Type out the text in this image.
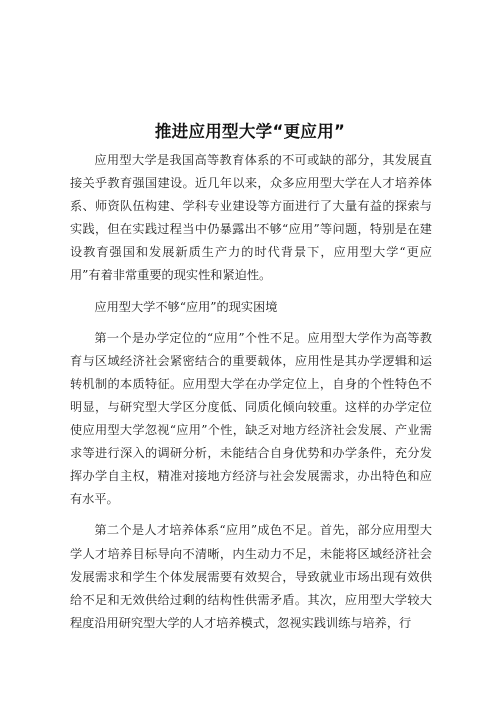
推进应用型大学“更应用”

应用型大学是我国高等教育体系的不可或缺的部分，其发展直接关乎教育强国建设。近几年以来，众多应用型大学在人才培养体系、师资队伍构建、学科专业建设等方面进行了大量有益的探索与实践，但在实践过程当中仍暴露出不够“应用”等问题，特别是在建设教育强国和发展新质生产力的时代背景下，应用型大学“更应用”有着非常重要的现实性和紧迫性。

应用型大学不够“应用”的现实困境

第一个是办学定位的“应用”个性不足。应用型大学作为高等教育与区域经济社会紧密结合的重要载体，应用性是其办学逻辑和运转机制的本质特征。应用型大学在办学定位上，自身的个性特色不明显，与研究型大学区分度低、同质化倾向较重。这样的办学定位使应用型大学忽视“应用”个性，缺乏对地方经济社会发展、产业需求等进行深入的调研分析，未能结合自身优势和办学条件，充分发挥办学自主权，精准对接地方经济与社会发展需求，办出特色和应有水平。

第二个是人才培养体系“应用”成色不足。首先，部分应用型大学人才培养目标导向不清晰，内生动力不足，未能将区域经济社会发展需求和学生个体发展需要有效契合，导致就业市场出现有效供给不足和无效供给过剩的结构性供需矛盾。其次，应用型大学较大程度沿用研究型大学的人才培养模式，忽视实践训练与培养，行
